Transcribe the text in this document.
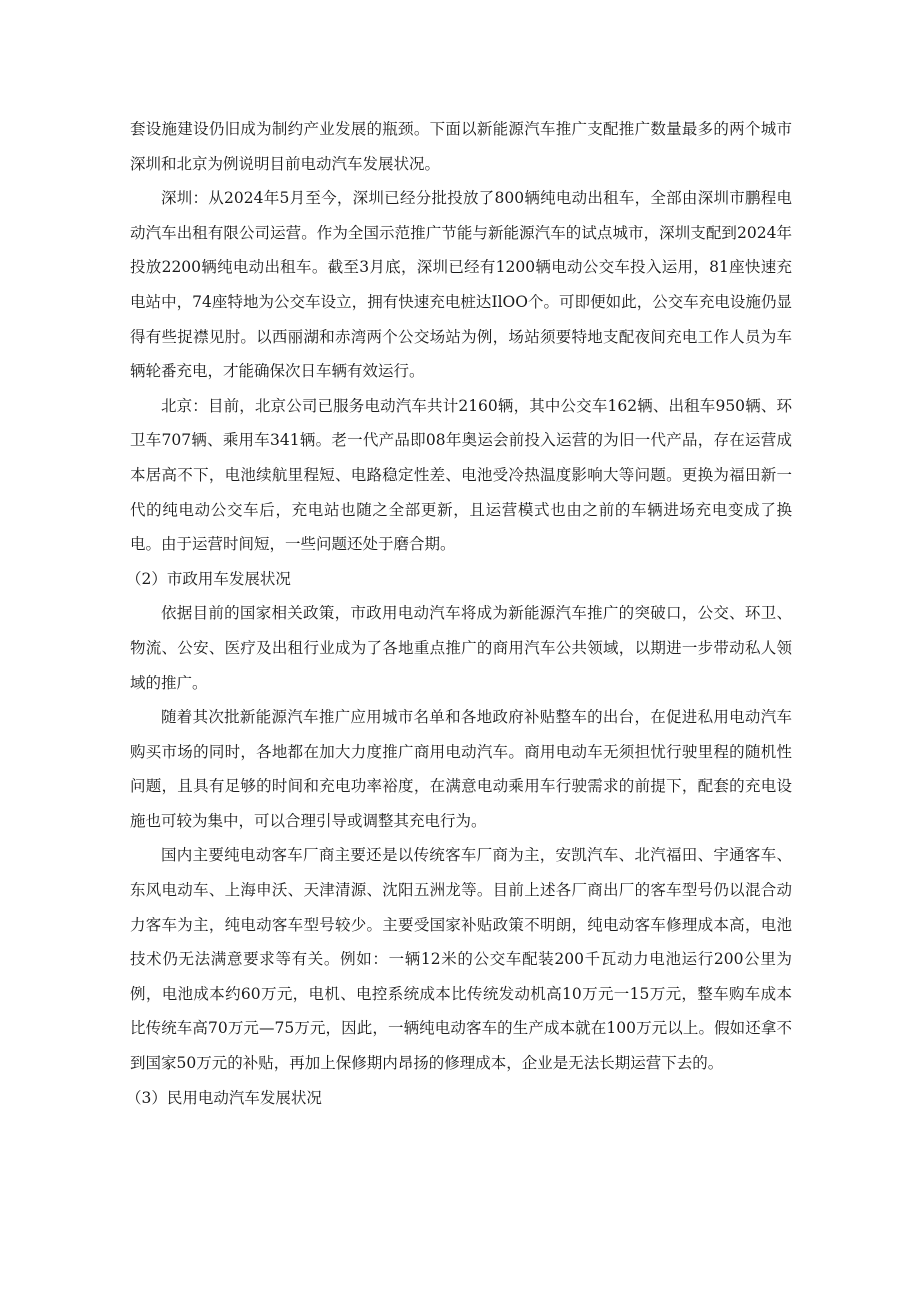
套设施建设仍旧成为制约产业发展的瓶颈。下面以新能源汽车推广支配推广数量最多的两个城市深圳和北京为例说明目前电动汽车发展状况。

深圳：从2024年5月至今，深圳已经分批投放了800辆纯电动出租车，全部由深圳市鹏程电动汽车出租有限公司运营。作为全国示范推广节能与新能源汽车的试点城市，深圳支配到2024年投放2200辆纯电动出租车。截至3月底，深圳已经有1200辆电动公交车投入运用，81座快速充电站中，74座特地为公交车设立，拥有快速充电桩达IlOO个。可即便如此，公交车充电设施仍显得有些捉襟见肘。以西丽湖和赤湾两个公交场站为例，场站须要特地支配夜间充电工作人员为车辆轮番充电，才能确保次日车辆有效运行。

北京：目前，北京公司已服务电动汽车共计2160辆，其中公交车162辆、出租车950辆、环卫车707辆、乘用车341辆。老一代产品即08年奥运会前投入运营的为旧一代产品，存在运营成本居高不下，电池续航里程短、电路稳定性差、电池受冷热温度影响大等问题。更换为福田新一代的纯电动公交车后，充电站也随之全部更新，且运营模式也由之前的车辆进场充电变成了换电。由于运营时间短，一些问题还处于磨合期。

（2）市政用车发展状况

依据目前的国家相关政策，市政用电动汽车将成为新能源汽车推广的突破口，公交、环卫、物流、公安、医疗及出租行业成为了各地重点推广的商用汽车公共领域，以期进一步带动私人领域的推广。

随着其次批新能源汽车推广应用城市名单和各地政府补贴整车的出台，在促进私用电动汽车购买市场的同时，各地都在加大力度推广商用电动汽车。商用电动车无须担忧行驶里程的随机性问题，且具有足够的时间和充电功率裕度，在满意电动乘用车行驶需求的前提下，配套的充电设施也可较为集中，可以合理引导或调整其充电行为。

国内主要纯电动客车厂商主要还是以传统客车厂商为主，安凯汽车、北汽福田、宇通客车、东风电动车、上海申沃、天津清源、沈阳五洲龙等。目前上述各厂商出厂的客车型号仍以混合动力客车为主，纯电动客车型号较少。主要受国家补贴政策不明朗，纯电动客车修理成本高，电池技术仍无法满意要求等有关。例如：一辆12米的公交车配装200千瓦动力电池运行200公里为例，电池成本约60万元，电机、电控系统成本比传统发动机高10万元一15万元，整车购车成本比传统车高70万元—75万元，因此，一辆纯电动客车的生产成本就在100万元以上。假如还拿不到国家50万元的补贴，再加上保修期内昂扬的修理成本，企业是无法长期运营下去的。

（3）民用电动汽车发展状况
